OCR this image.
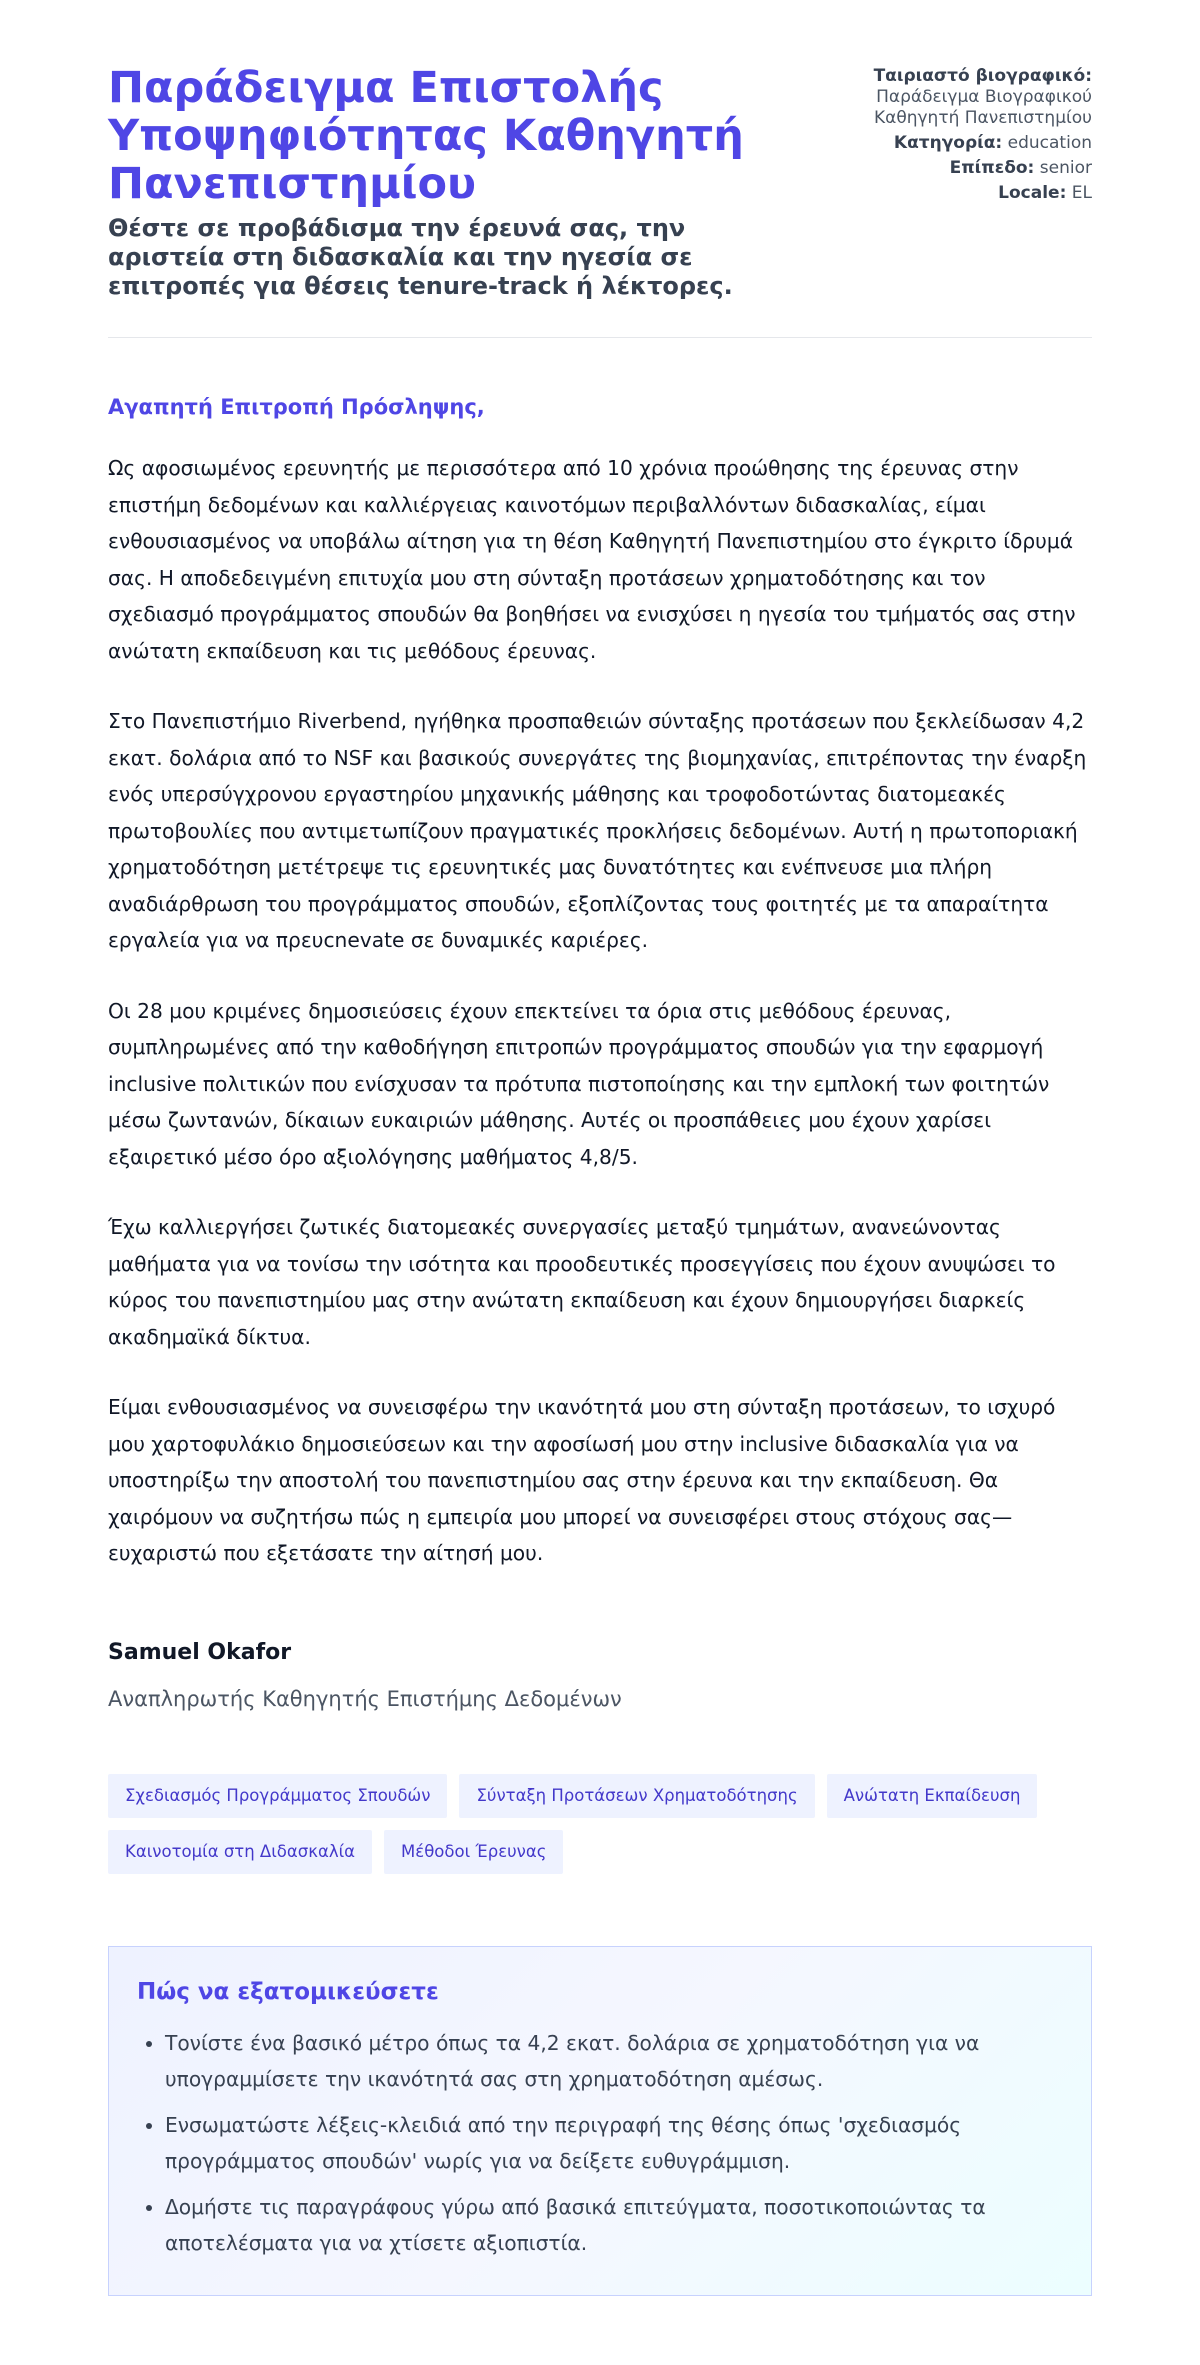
Παράδειγμα Επιστολής Υποψηφιότητας Καθηγητή Πανεπιστημίου

Θέστε σε προβάδισμα την έρευνά σας, την αριστεία στη διδασκαλία και την ηγεσία σε επιτροπές για θέσεις tenure-track ή λέκτορες.

Ταιριαστό βιογραφικό:
Παράδειγμα Βιογραφικού Καθηγητή Πανεπιστημίου
Κατηγορία: education
Επίπεδο: senior
Locale: EL

Αγαπητή Επιτροπή Πρόσληψης,

Ως αφοσιωμένος ερευνητής με περισσότερα από 10 χρόνια προώθησης της έρευνας στην επιστήμη δεδομένων και καλλιέργειας καινοτόμων περιβαλλόντων διδασκαλίας, είμαι ενθουσιασμένος να υποβάλω αίτηση για τη θέση Καθηγητή Πανεπιστημίου στο έγκριτο ίδρυμά σας. Η αποδεδειγμένη επιτυχία μου στη σύνταξη προτάσεων χρηματοδότησης και τον σχεδιασμό προγράμματος σπουδών θα βοηθήσει να ενισχύσει η ηγεσία του τμήματός σας στην ανώτατη εκπαίδευση και τις μεθόδους έρευνας.

Στο Πανεπιστήμιο Riverbend, ηγήθηκα προσπαθειών σύνταξης προτάσεων που ξεκλείδωσαν 4,2 εκατ. δολάρια από το NSF και βασικούς συνεργάτες της βιομηχανίας, επιτρέποντας την έναρξη ενός υπερσύγχρονου εργαστηρίου μηχανικής μάθησης και τροφοδοτώντας διατομεακές πρωτοβουλίες που αντιμετωπίζουν πραγματικές προκλήσεις δεδομένων. Αυτή η πρωτοποριακή χρηματοδότηση μετέτρεψε τις ερευνητικές μας δυνατότητες και ενέπνευσε μια πλήρη αναδιάρθρωση του προγράμματος σπουδών, εξοπλίζοντας τους φοιτητές με τα απαραίτητα εργαλεία για να πρευcnevate σε δυναμικές καριέρες.

Οι 28 μου κριμένες δημοσιεύσεις έχουν επεκτείνει τα όρια στις μεθόδους έρευνας, συμπληρωμένες από την καθοδήγηση επιτροπών προγράμματος σπουδών για την εφαρμογή inclusive πολιτικών που ενίσχυσαν τα πρότυπα πιστοποίησης και την εμπλοκή των φοιτητών μέσω ζωντανών, δίκαιων ευκαιριών μάθησης. Αυτές οι προσπάθειες μου έχουν χαρίσει εξαιρετικό μέσο όρο αξιολόγησης μαθήματος 4,8/5.

Έχω καλλιεργήσει ζωτικές διατομεακές συνεργασίες μεταξύ τμημάτων, ανανεώνοντας μαθήματα για να τονίσω την ισότητα και προοδευτικές προσεγγίσεις που έχουν ανυψώσει το κύρος του πανεπιστημίου μας στην ανώτατη εκπαίδευση και έχουν δημιουργήσει διαρκείς ακαδημαϊκά δίκτυα.

Είμαι ενθουσιασμένος να συνεισφέρω την ικανότητά μου στη σύνταξη προτάσεων, το ισχυρό μου χαρτοφυλάκιο δημοσιεύσεων και την αφοσίωσή μου στην inclusive διδασκαλία για να υποστηρίξω την αποστολή του πανεπιστημίου σας στην έρευνα και την εκπαίδευση. Θα χαιρόμουν να συζητήσω πώς η εμπειρία μου μπορεί να συνεισφέρει στους στόχους σας—ευχαριστώ που εξετάσατε την αίτησή μου.

Samuel Okafor

Αναπληρωτής Καθηγητής Επιστήμης Δεδομένων

Σχεδιασμός Προγράμματος Σπουδών	Σύνταξη Προτάσεων Χρηματοδότησης	Ανώτατη Εκπαίδευση
Καινοτομία στη Διδασκαλία	Μέθοδοι Έρευνας
Πώς να εξατομικεύσετε
• Τονίστε ένα βασικό μέτρο όπως τα 4,2 εκατ. δολάρια σε χρηματοδότηση για να υπογραμμίσετε την ικανότητά σας στη χρηματοδότηση αμέσως.
• Ενσωματώστε λέξεις-κλειδιά από την περιγραφή της θέσης όπως 'σχεδιασμός προγράμματος σπουδών' νωρίς για να δείξετε ευθυγράμμιση.
• Δομήστε τις παραγράφους γύρω από βασικά επιτεύγματα, ποσοτικοποιώντας τα αποτελέσματα για να χτίσετε αξιοπιστία.
